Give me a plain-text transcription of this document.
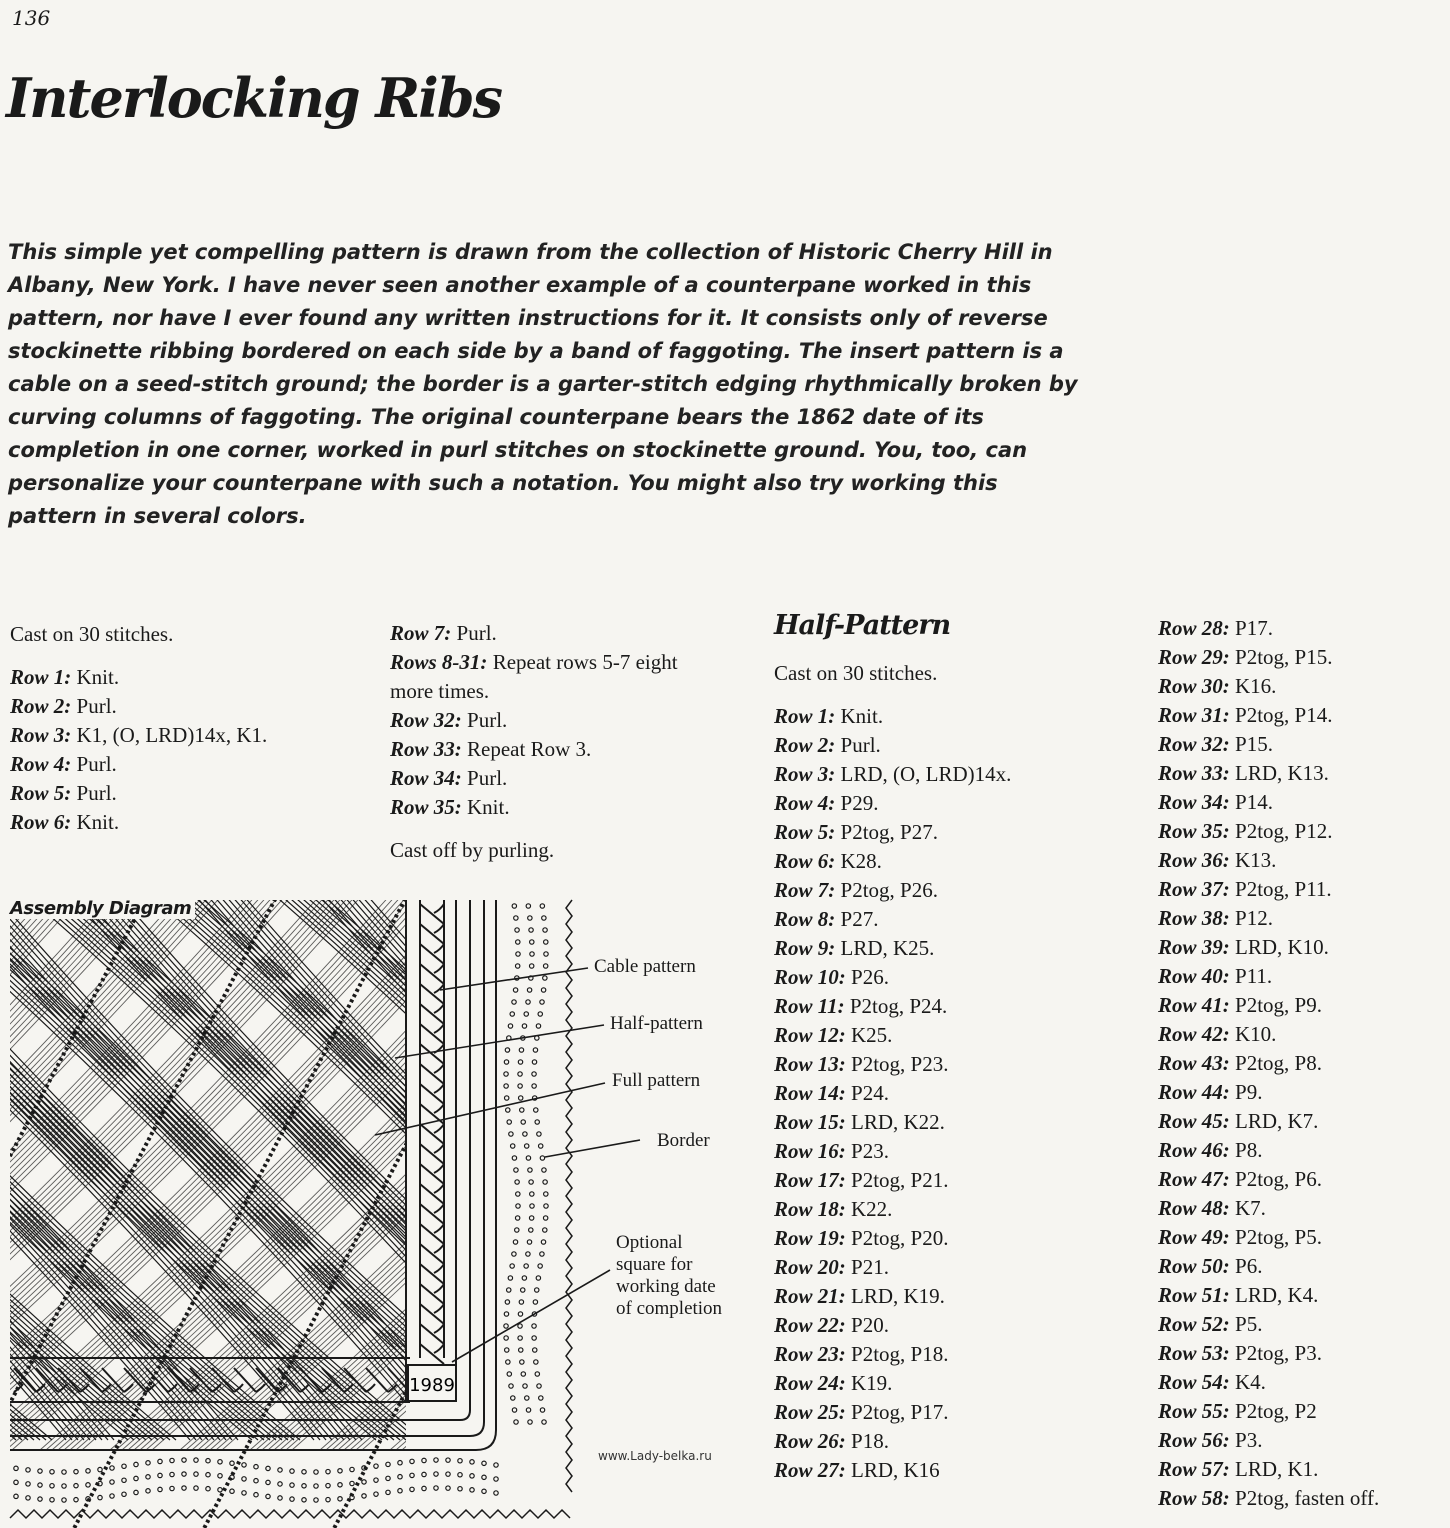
136
Interlocking Ribs

This simple yet compelling pattern is drawn from the collection of Historic Cherry Hill in Albany, New York. I have never seen another example of a counterpane worked in this pattern, nor have I ever found any written instructions for it. It consists only of reverse stockinette ribbing bordered on each side by a band of faggoting. The insert pattern is a cable on a seed-stitch ground; the border is a garter-stitch edging rhythmically broken by curving columns of faggoting. The original counterpane bears the 1862 date of its completion in one corner, worked in purl stitches on stockinette ground. You, too, can personalize your counterpane with such a notation. You might also try working this pattern in several colors.

Cast on 30 stitches.

Row 1: Knit.

Row 2: Purl.

Row 3: K1, (O, LRD)14x, K1.

Row 4: Purl.

Row 5: Purl.

Row 6: Knit.

Row 7: Purl.

Rows 8-31: Repeat rows 5-7 eight more times.

Row 32: Purl.

Row 33: Repeat Row 3.

Row 34: Purl.

Row 35: Knit.

Cast off by purling.

Half-Pattern

Cast on 30 stitches.

Row 1: Knit.

Row 2: Purl.

Row 3: LRD, (O, LRD)14x.

Row 4: P29.

Row 5: P2tog, P27.

Row 6: K28.

Row 7: P2tog, P26.

Row 8: P27.

Row 9: LRD, K25.

Row 10: P26.

Row 11: P2tog, P24.

Row 12: K25.

Row 13: P2tog, P23.

Row 14: P24.

Row 15: LRD, K22.

Row 16: P23.

Row 17: P2tog, P21.

Row 18: K22.

Row 19: P2tog, P20.

Row 20: P21.

Row 21: LRD, K19.

Row 22: P20.

Row 23: P2tog, P18.

Row 24: K19.

Row 25: P2tog, P17.

Row 26: P18.

Row 27: LRD, K16

Row 28: P17.

Row 29: P2tog, P15.

Row 30: K16.

Row 31: P2tog, P14.

Row 32: P15.

Row 33: LRD, K13.

Row 34: P14.

Row 35: P2tog, P12.

Row 36: K13.

Row 37: P2tog, P11.

Row 38: P12.

Row 39: LRD, K10.

Row 40: P11.

Row 41: P2tog, P9.

Row 42: K10.

Row 43: P2tog, P8.

Row 44: P9.

Row 45: LRD, K7.

Row 46: P8.

Row 47: P2tog, P6.

Row 48: K7.

Row 49: P2tog, P5.

Row 50: P6.

Row 51: LRD, K4.

Row 52: P5.

Row 53: P2tog, P3.

Row 54: K4.

Row 55: P2tog, P2

Row 56: P3.

Row 57: LRD, K1.

Row 58: P2tog, fasten off.

Assembly Diagram
1989
Cable pattern
Half-pattern
Full pattern
Border
Optional square for working date of completion
www.Lady-belka.ru
